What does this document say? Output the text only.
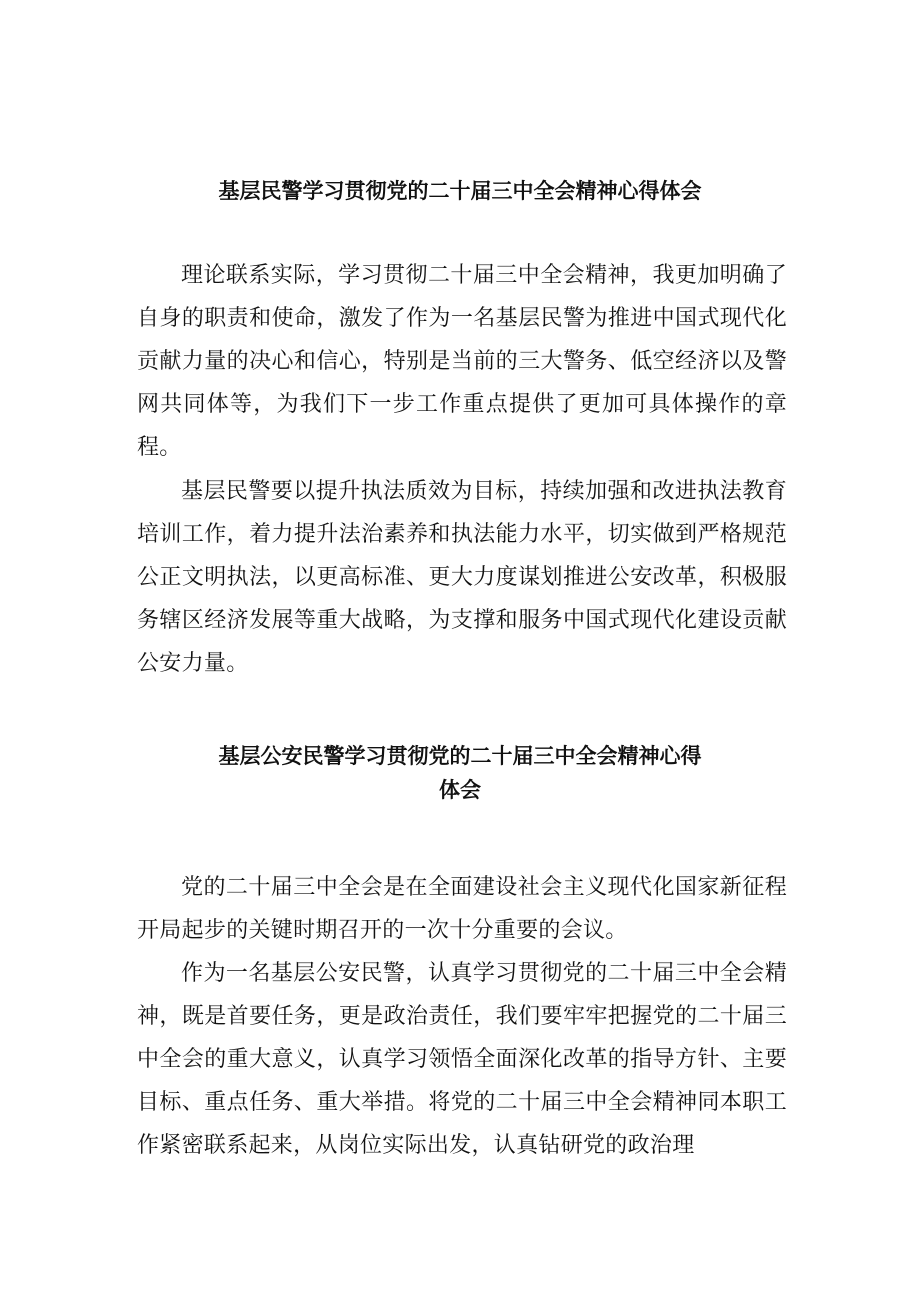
基层民警学习贯彻党的二十届三中全会精神心得体会

理论联系实际，学习贯彻二十届三中全会精神，我更加明确了自身的职责和使命，激发了作为一名基层民警为推进中国式现代化贡献力量的决心和信心，特别是当前的三大警务、低空经济以及警网共同体等，为我们下一步工作重点提供了更加可具体操作的章程。

基层民警要以提升执法质效为目标，持续加强和改进执法教育培训工作，着力提升法治素养和执法能力水平，切实做到严格规范公正文明执法，以更高标准、更大力度谋划推进公安改革，积极服务辖区经济发展等重大战略，为支撑和服务中国式现代化建设贡献公安力量。

基层公安民警学习贯彻党的二十届三中全会精神心得
体会

党的二十届三中全会是在全面建设社会主义现代化国家新征程开局起步的关键时期召开的一次十分重要的会议。

作为一名基层公安民警，认真学习贯彻党的二十届三中全会精神，既是首要任务，更是政治责任，我们要牢牢把握党的二十届三中全会的重大意义，认真学习领悟全面深化改革的指导方针、主要目标、重点任务、重大举措。将党的二十届三中全会精神同本职工作紧密联系起来，从岗位实际出发，认真钻研党的政治理
